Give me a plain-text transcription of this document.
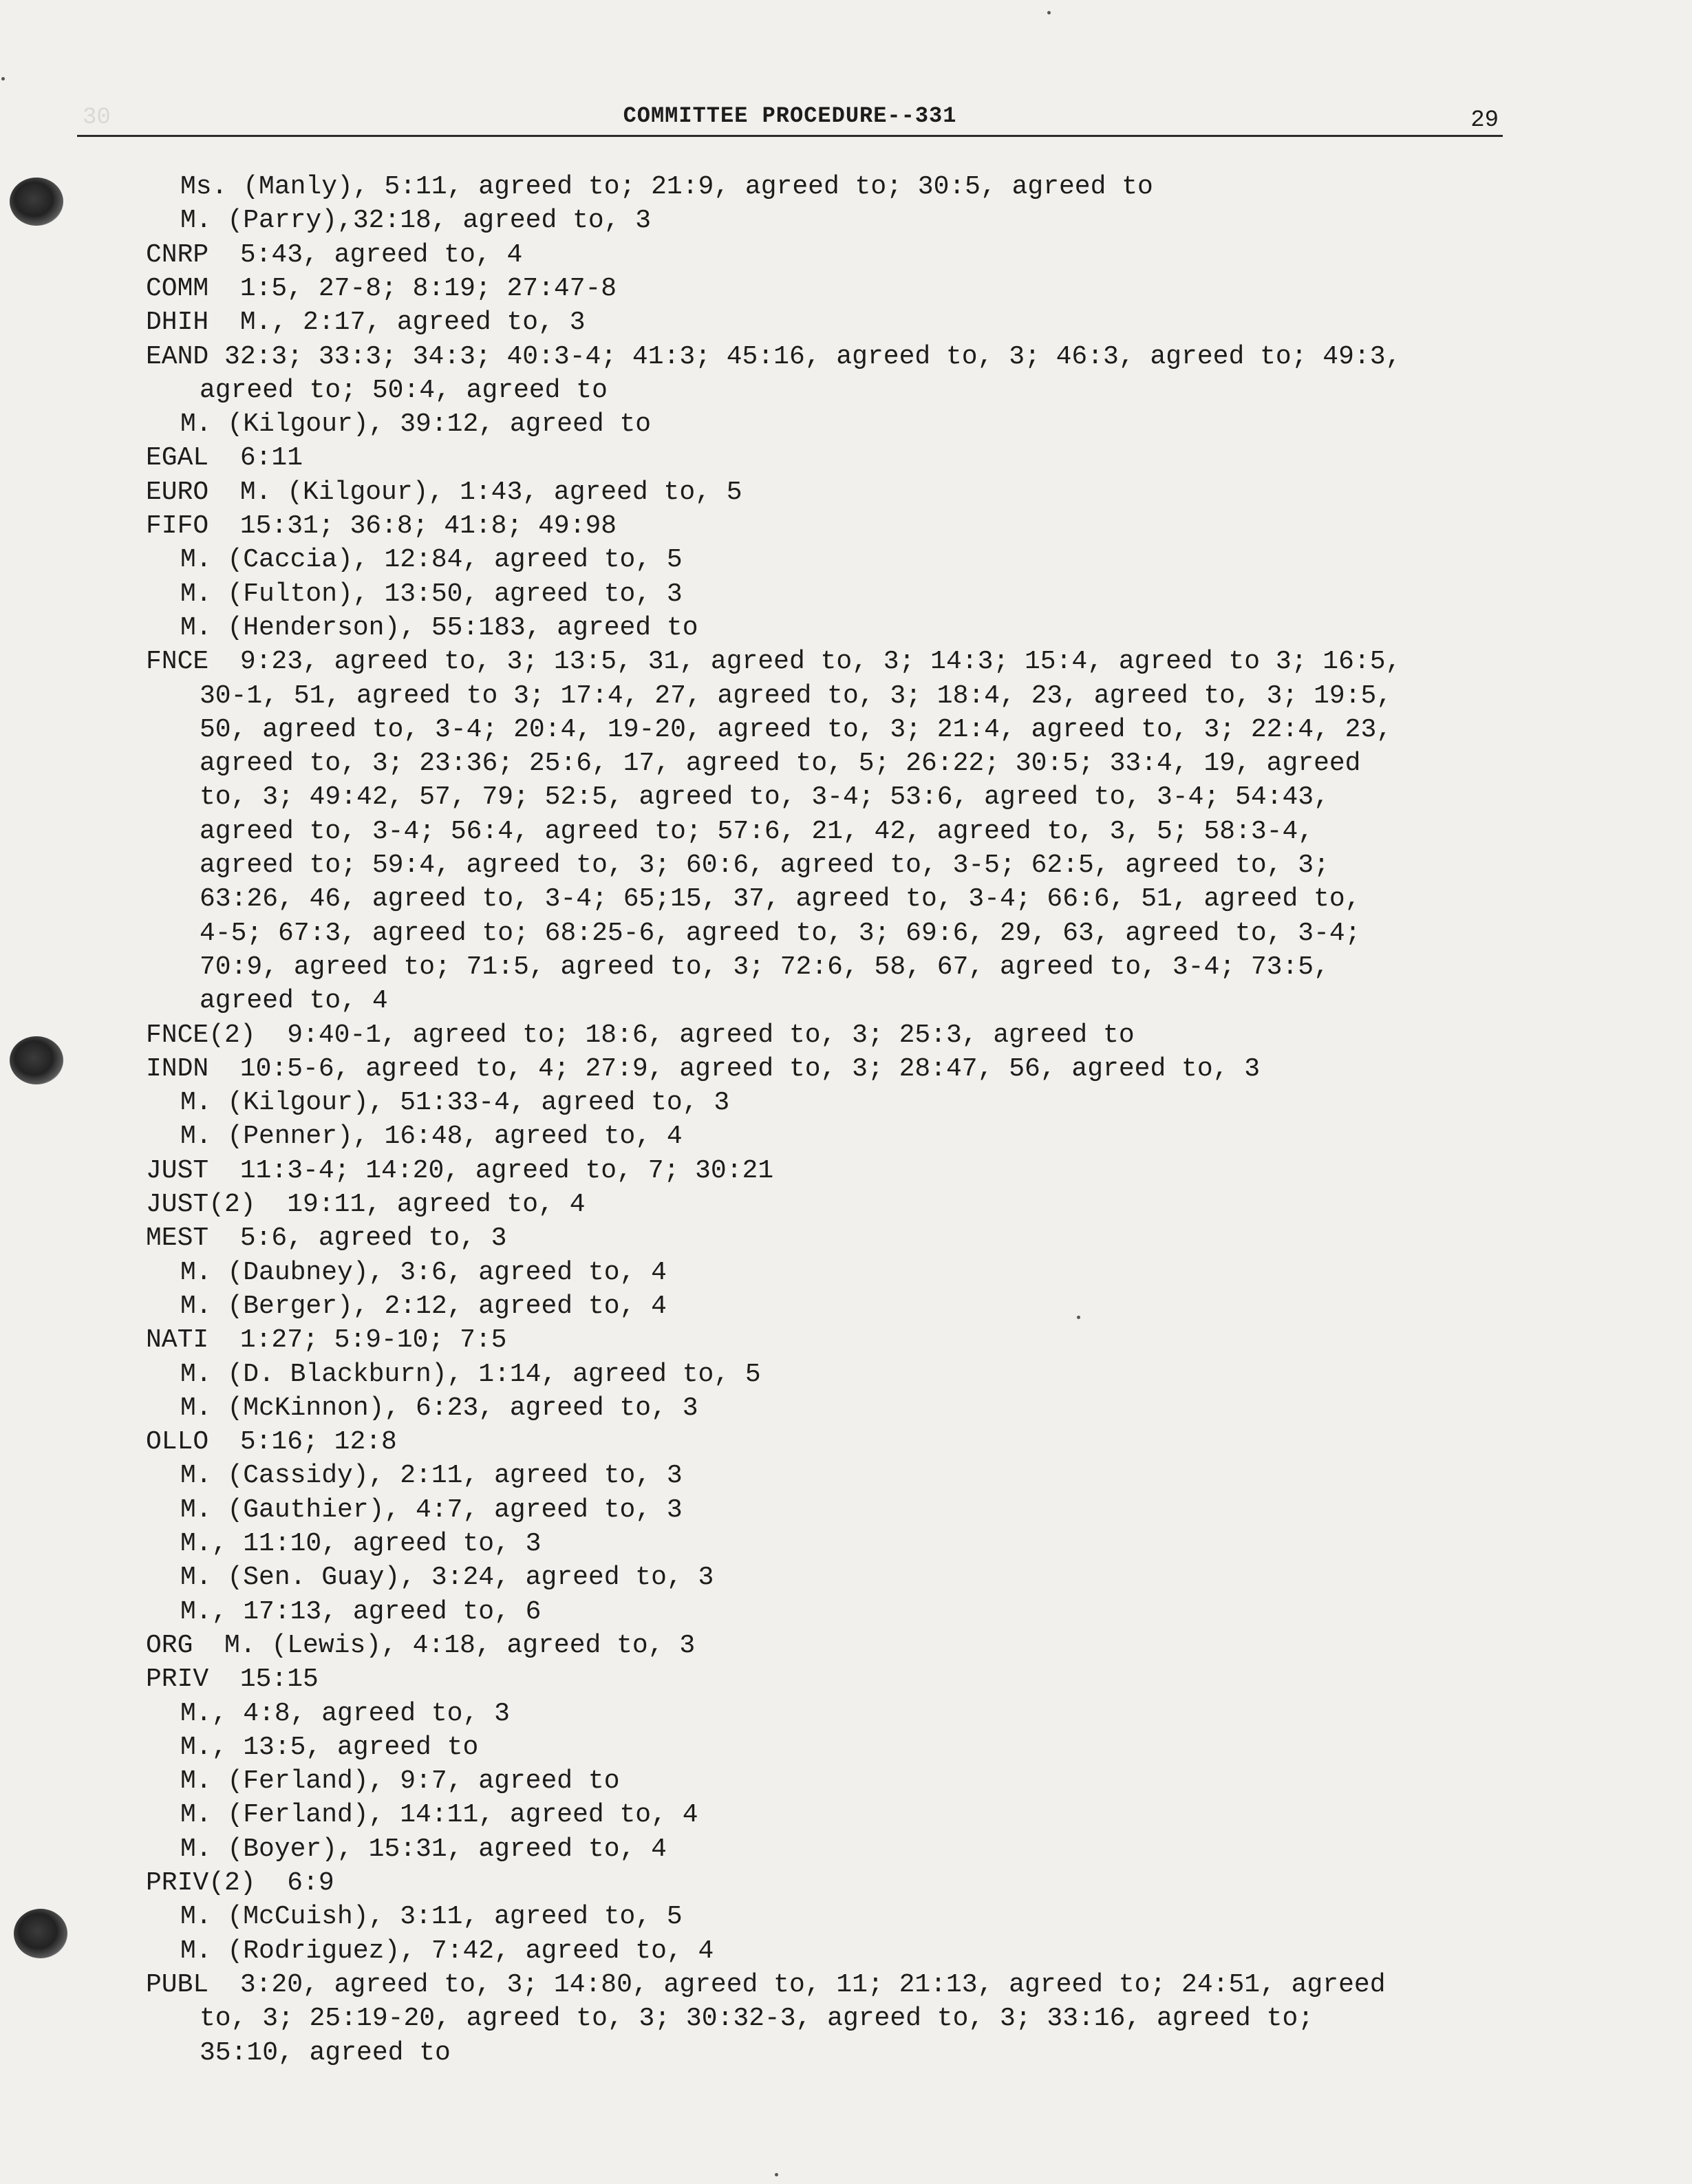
30	COMMITTEE PROCEDURE--331	29
Ms. (Manly), 5:11, agreed to; 21:9, agreed to; 30:5, agreed to
M. (Parry),32:18, agreed to, 3
CNRP  5:43, agreed to, 4
COMM  1:5, 27-8; 8:19; 27:47-8
DHIH  M., 2:17, agreed to, 3
EAND 32:3; 33:3; 34:3; 40:3-4; 41:3; 45:16, agreed to, 3; 46:3, agreed to; 49:3,
agreed to; 50:4, agreed to
M. (Kilgour), 39:12, agreed to
EGAL  6:11
EURO  M. (Kilgour), 1:43, agreed to, 5
FIFO  15:31; 36:8; 41:8; 49:98
M. (Caccia), 12:84, agreed to, 5
M. (Fulton), 13:50, agreed to, 3
M. (Henderson), 55:183, agreed to
FNCE  9:23, agreed to, 3; 13:5, 31, agreed to, 3; 14:3; 15:4, agreed to 3; 16:5,
30-1, 51, agreed to 3; 17:4, 27, agreed to, 3; 18:4, 23, agreed to, 3; 19:5,
50, agreed to, 3-4; 20:4, 19-20, agreed to, 3; 21:4, agreed to, 3; 22:4, 23,
agreed to, 3; 23:36; 25:6, 17, agreed to, 5; 26:22; 30:5; 33:4, 19, agreed
to, 3; 49:42, 57, 79; 52:5, agreed to, 3-4; 53:6, agreed to, 3-4; 54:43,
agreed to, 3-4; 56:4, agreed to; 57:6, 21, 42, agreed to, 3, 5; 58:3-4,
agreed to; 59:4, agreed to, 3; 60:6, agreed to, 3-5; 62:5, agreed to, 3;
63:26, 46, agreed to, 3-4; 65;15, 37, agreed to, 3-4; 66:6, 51, agreed to,
4-5; 67:3, agreed to; 68:25-6, agreed to, 3; 69:6, 29, 63, agreed to, 3-4;
70:9, agreed to; 71:5, agreed to, 3; 72:6, 58, 67, agreed to, 3-4; 73:5,
agreed to, 4
FNCE(2)  9:40-1, agreed to; 18:6, agreed to, 3; 25:3, agreed to
INDN  10:5-6, agreed to, 4; 27:9, agreed to, 3; 28:47, 56, agreed to, 3
M. (Kilgour), 51:33-4, agreed to, 3
M. (Penner), 16:48, agreed to, 4
JUST  11:3-4; 14:20, agreed to, 7; 30:21
JUST(2)  19:11, agreed to, 4
MEST  5:6, agreed to, 3
M. (Daubney), 3:6, agreed to, 4
M. (Berger), 2:12, agreed to, 4
NATI  1:27; 5:9-10; 7:5
M. (D. Blackburn), 1:14, agreed to, 5
M. (McKinnon), 6:23, agreed to, 3
OLLO  5:16; 12:8
M. (Cassidy), 2:11, agreed to, 3
M. (Gauthier), 4:7, agreed to, 3
M., 11:10, agreed to, 3
M. (Sen. Guay), 3:24, agreed to, 3
M., 17:13, agreed to, 6
ORG  M. (Lewis), 4:18, agreed to, 3
PRIV  15:15
M., 4:8, agreed to, 3
M., 13:5, agreed to
M. (Ferland), 9:7, agreed to
M. (Ferland), 14:11, agreed to, 4
M. (Boyer), 15:31, agreed to, 4
PRIV(2)  6:9
M. (McCuish), 3:11, agreed to, 5
M. (Rodriguez), 7:42, agreed to, 4
PUBL  3:20, agreed to, 3; 14:80, agreed to, 11; 21:13, agreed to; 24:51, agreed
to, 3; 25:19-20, agreed to, 3; 30:32-3, agreed to, 3; 33:16, agreed to;
35:10, agreed to
